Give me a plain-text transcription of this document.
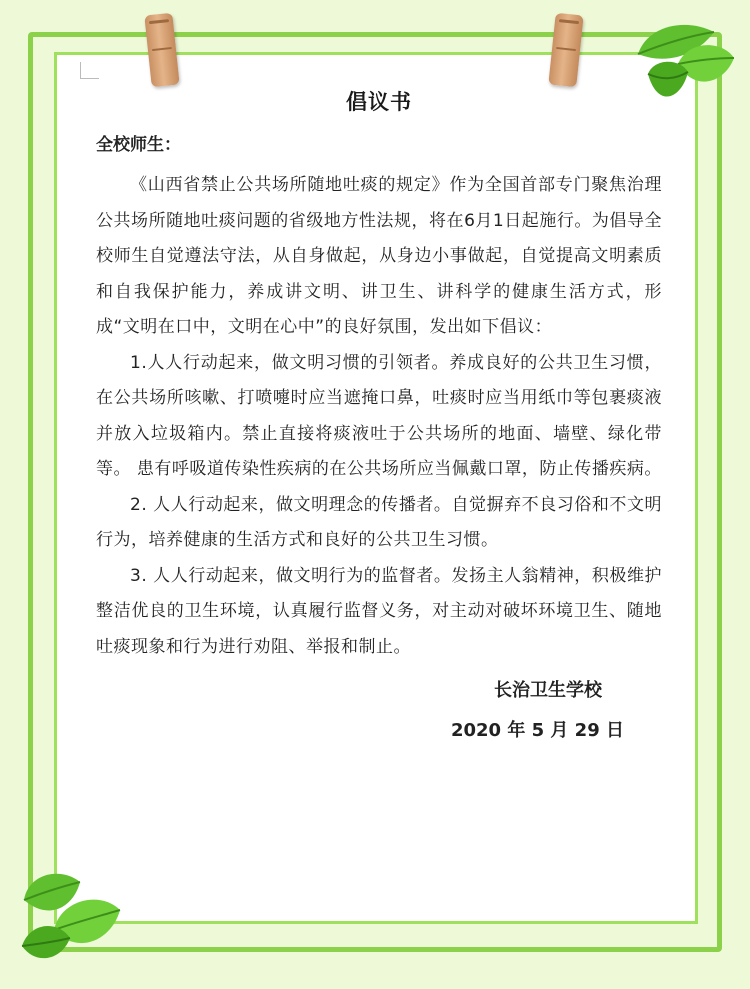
倡议书
全校师生：

《山西省禁止公共场所随地吐痰的规定》作为全国首部专门聚焦治理公共场所随地吐痰问题的省级地方性法规，将在6月1日起施行。为倡导全校师生自觉遵法守法，从自身做起，从身边小事做起，自觉提高文明素质和自我保护能力，养成讲文明、讲卫生、讲科学的健康生活方式，形成“文明在口中，文明在心中”的良好氛围，发出如下倡议：

1.人人行动起来，做文明习惯的引领者。养成良好的公共卫生习惯， 在公共场所咳嗽、打喷嚏时应当遮掩口鼻，吐痰时应当用纸巾等包裹痰液并放入垃圾箱内。禁止直接将痰液吐于公共场所的地面、墙壁、绿化带等。 患有呼吸道传染性疾病的在公共场所应当佩戴口罩，防止传播疾病。

2. 人人行动起来，做文明理念的传播者。自觉摒弃不良习俗和不文明行为，培养健康的生活方式和良好的公共卫生习惯。

3. 人人行动起来，做文明行为的监督者。发扬主人翁精神，积极维护整洁优良的卫生环境，认真履行监督义务，对主动对破坏环境卫生、随地吐痰现象和行为进行劝阻、举报和制止。

长治卫生学校
2020 年 5 月 29 日
